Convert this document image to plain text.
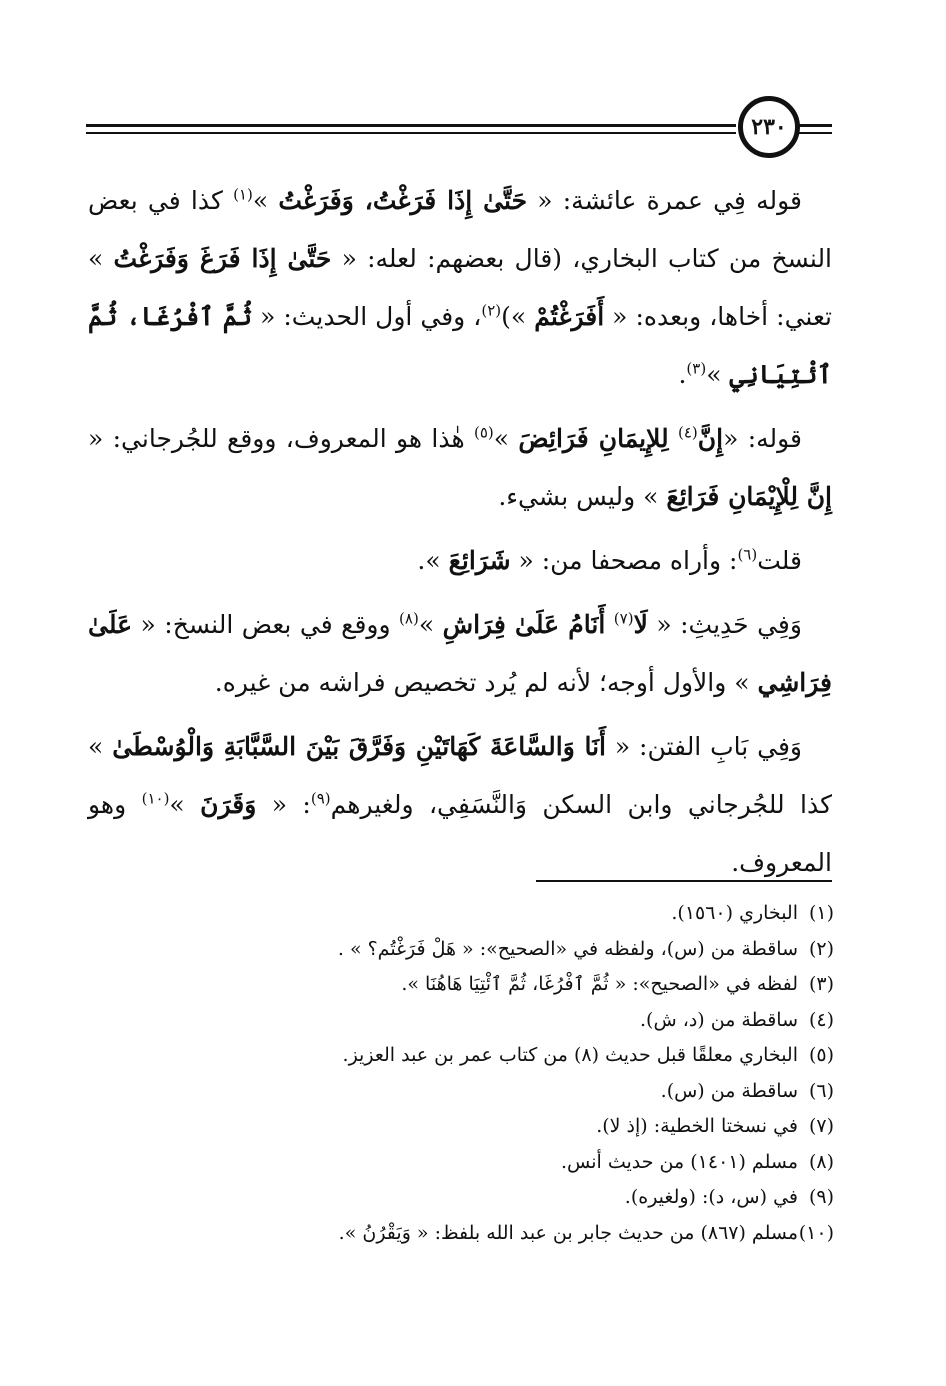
٢٣٠

قوله فِي عمرة عائشة: « حَتَّىٰ إِذَا فَرَغْتُ، وَفَرَغْتُ »$^{(١)}$ كذا في بعض النسخ من كتاب البخاري، (قال بعضهم: لعله: « حَتَّىٰ إِذَا فَرَغَ وَفَرَغْتُ » تعني: أخاها، وبعده: « أَفَرَغْتُمْ »)$^{(٢)}$، وفي أول الحديث: « ثُمَّ ٱفْرُغَا، ثُمَّ ٱئْتِيَانِي »$^{(٣)}$.

قوله: «إِنَّ$^{(٤)}$ لِلإِيمَانِ فَرَائِضَ »$^{(٥)}$ هٰذا هو المعروف، ووقع للجُرجاني: « إِنَّ لِلْإِيْمَانِ فَرَائِعَ » وليس بشيء.

قلت$^{(٦)}$: وأراه مصحفا من: « شَرَائِعَ ».

وَفِي حَدِيثِ: « لَا$^{(٧)}$ أَنَامُ عَلَىٰ فِرَاشِ »$^{(٨)}$ ووقع في بعض النسخ: « عَلَىٰ فِرَاشِي » والأول أوجه؛ لأنه لم يُرد تخصيص فراشه من غيره.

وَفِي بَابِ الفتن: « أَنَا وَالسَّاعَةَ كَهَاتَيْنِ وَفَرَّقَ بَيْنَ السَّبَّابَةِ وَالْوُسْطَىٰ » كذا للجُرجاني وابن السكن وَالنَّسَفِي، ولغيرهم$^{(٩)}$: « وَقَرَنَ »$^{(١٠)}$ وهو المعروف.

(١)
البخاري (١٥٦٠).
(٢)
ساقطة من (س)، ولفظه في «الصحيح»: « هَلْ فَرَغْتُم؟ » .
(٣)
لفظه في «الصحيح»: « ثُمَّ ٱفْرُغَا، ثُمَّ ٱئْتِيَا هَاهُنَا ».
(٤)
ساقطة من (د، ش).
(٥)
البخاري معلقًا قبل حديث (٨) من كتاب عمر بن عبد العزيز.
(٦)
ساقطة من (س).
(٧)
في نسختا الخطية: (إذ لا).
(٨)
مسلم (١٤٠١) من حديث أنس.
(٩)
في (س، د): (ولغيره).
(١٠)
مسلم (٨٦٧) من حديث جابر بن عبد الله بلفظ: « وَيَقْرُنُ ».
